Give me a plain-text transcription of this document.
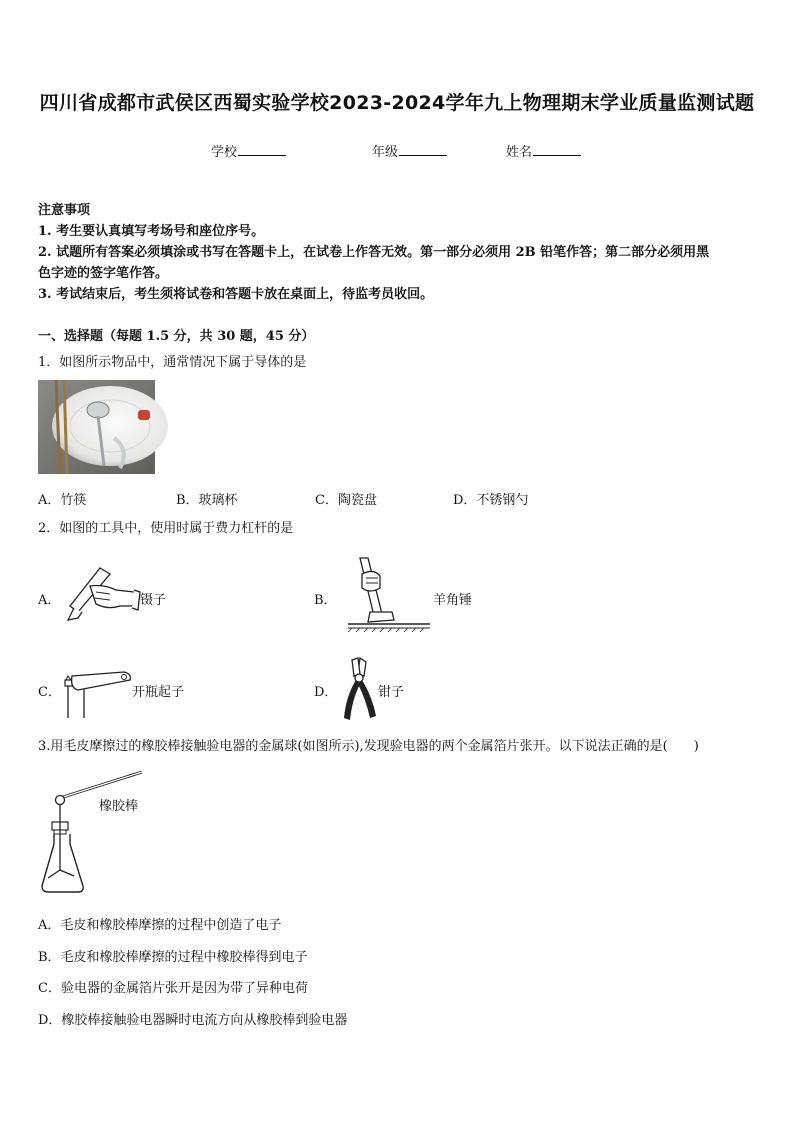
四川省成都市武侯区西蜀实验学校2023-2024学年九上物理期末学业质量监测试题
学校	年级	姓名
注意事项
1. 考生要认真填写考场号和座位序号。
2. 试题所有答案必须填涂或书写在答题卡上，在试卷上作答无效。第一部分必须用 2B 铅笔作答；第二部分必须用黑
色字迹的签字笔作答。
3. 考试结束后，考生须将试卷和答题卡放在桌面上，待监考员收回。
一、选择题（每题 1.5 分，共 30 题，45 分）
1．如图所示物品中，通常情况下属于导体的是
A．竹筷	B．玻璃杯	C．陶瓷盘	D．不锈钢勺
2．如图的工具中，使用时属于费力杠杆的是
A．	镊子	B．	羊角锤
C．	开瓶起子	D．	钳子
3.用毛皮摩擦过的橡胶棒接触验电器的金属球(如图所示),发现验电器的两个金属箔片张开。以下说法正确的是(　　)
橡胶棒
A．毛皮和橡胶棒摩擦的过程中创造了电子
B．毛皮和橡胶棒摩擦的过程中橡胶棒得到电子
C．验电器的金属箔片张开是因为带了异种电荷
D．橡胶棒接触验电器瞬时电流方向从橡胶棒到验电器
